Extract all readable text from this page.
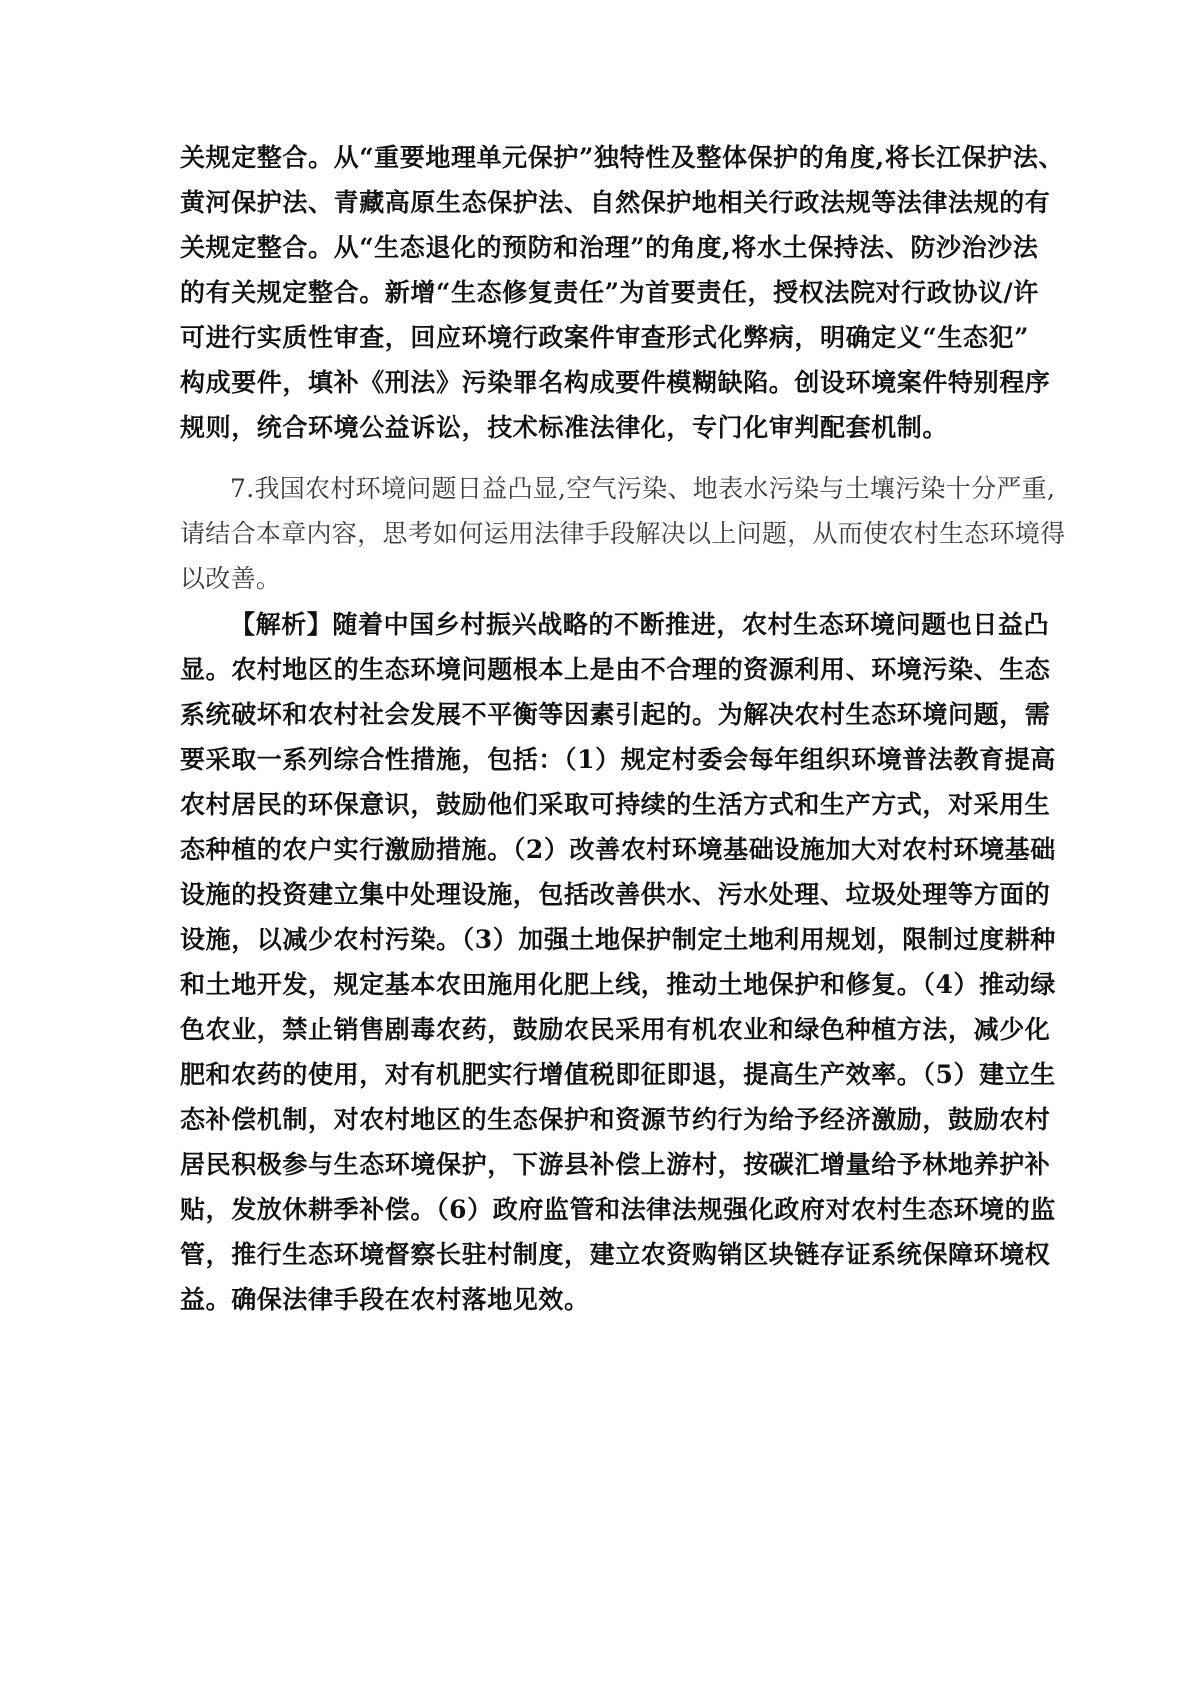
关规定整合。从“重要地理单元保护”独特性及整体保护的角度,将长江保护法、
黄河保护法、青藏高原生态保护法、自然保护地相关行政法规等法律法规的有
关规定整合。从“生态退化的预防和治理”的角度,将水土保持法、防沙治沙法
的有关规定整合。新增“生态修复责任”为首要责任，授权法院对行政协议/许
可进行实质性审查，回应环境行政案件审查形式化弊病，明确定义“生态犯”
构成要件，填补《刑法》污染罪名构成要件模糊缺陷。创设环境案件特别程序
规则，统合环境公益诉讼，技术标准法律化，专门化审判配套机制。
7.我国农村环境问题日益凸显,空气污染、地表水污染与土壤污染十分严重,
请结合本章内容，思考如何运用法律手段解决以上问题，从而使农村生态环境得
以改善。
【解析】随着中国乡村振兴战略的不断推进，农村生态环境问题也日益凸
显。农村地区的生态环境问题根本上是由不合理的资源利用、环境污染、生态
系统破坏和农村社会发展不平衡等因素引起的。为解决农村生态环境问题，需
要采取一系列综合性措施，包括：（1）规定村委会每年组织环境普法教育提高
农村居民的环保意识，鼓励他们采取可持续的生活方式和生产方式，对采用生
态种植的农户实行激励措施。（2）改善农村环境基础设施加大对农村环境基础
设施的投资建立集中处理设施，包括改善供水、污水处理、垃圾处理等方面的
设施，以减少农村污染。（3）加强土地保护制定土地利用规划，限制过度耕种
和土地开发，规定基本农田施用化肥上线，推动土地保护和修复。（4）推动绿
色农业，禁止销售剧毒农药，鼓励农民采用有机农业和绿色种植方法，减少化
肥和农药的使用，对有机肥实行增值税即征即退，提高生产效率。（5）建立生
态补偿机制，对农村地区的生态保护和资源节约行为给予经济激励，鼓励农村
居民积极参与生态环境保护，下游县补偿上游村，按碳汇增量给予林地养护补
贴，发放休耕季补偿。（6）政府监管和法律法规强化政府对农村生态环境的监
管，推行生态环境督察长驻村制度，建立农资购销区块链存证系统保障环境权
益。确保法律手段在农村落地见效。
